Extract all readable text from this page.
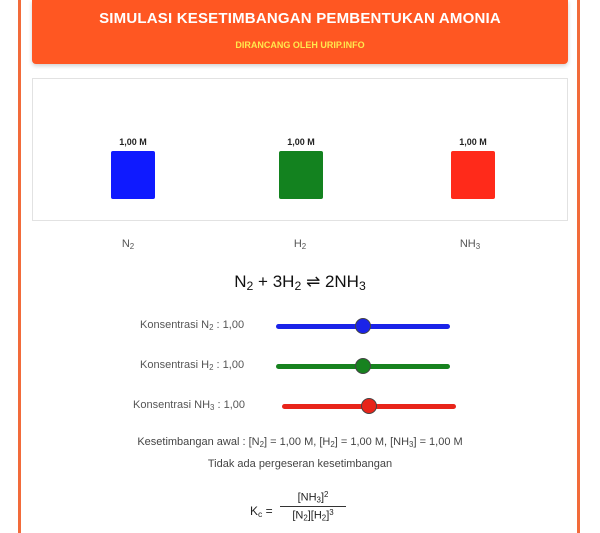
SIMULASI KESETIMBANGAN PEMBENTUKAN AMONIA
DIRANCANG OLEH URIP.INFO
1,00 M	1,00 M	1,00 M
$N_2$	$H_2$	$NH_3$
$N_2 + 3H_2$ ⇌ $2NH_3$
Konsentrasi $N_2$ : 1,00
Konsentrasi $H_2$ : 1,00
Konsentrasi $NH_3$ : 1,00
Kesetimbangan awal : $[N_2] = 1,00$ M, $[H_2] = 1,00$ M, $[NH_3] = 1,00$ M
Tidak ada pergeseran kesetimbangan
$K_c$ =
$[NH_3]^2$
$[N_2][H_2]^3$
